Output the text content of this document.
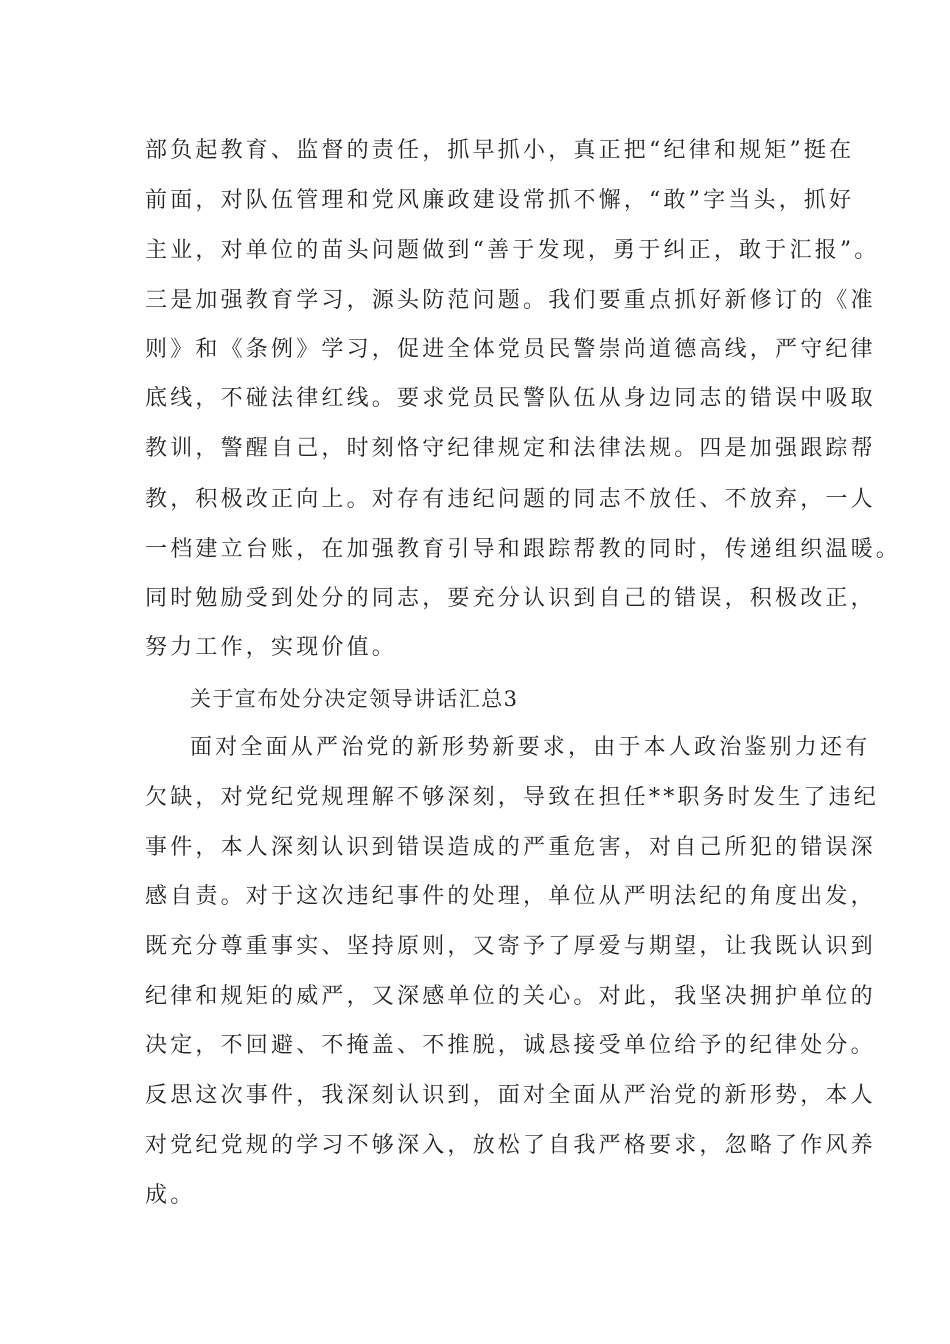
部负起教育、监督的责任，抓早抓小，真正把“纪律和规矩”挺在
前面，对队伍管理和党风廉政建设常抓不懈，“敢”字当头，抓好
主业，对单位的苗头问题做到“善于发现，勇于纠正，敢于汇报”。
三是加强教育学习，源头防范问题。我们要重点抓好新修订的《准
则》和《条例》学习，促进全体党员民警崇尚道德高线，严守纪律
底线，不碰法律红线。要求党员民警队伍从身边同志的错误中吸取
教训，警醒自己，时刻恪守纪律规定和法律法规。四是加强跟踪帮
教，积极改正向上。对存有违纪问题的同志不放任、不放弃，一人
一档建立台账，在加强教育引导和跟踪帮教的同时，传递组织温暖。
同时勉励受到处分的同志，要充分认识到自己的错误，积极改正，
努力工作，实现价值。
关于宣布处分决定领导讲话汇总3
面对全面从严治党的新形势新要求，由于本人政治鉴别力还有
欠缺，对党纪党规理解不够深刻，导致在担任**职务时发生了违纪
事件，本人深刻认识到错误造成的严重危害，对自己所犯的错误深
感自责。对于这次违纪事件的处理，单位从严明法纪的角度出发，
既充分尊重事实、坚持原则，又寄予了厚爱与期望，让我既认识到
纪律和规矩的威严，又深感单位的关心。对此，我坚决拥护单位的
决定，不回避、不掩盖、不推脱，诚恳接受单位给予的纪律处分。
反思这次事件，我深刻认识到，面对全面从严治党的新形势，本人
对党纪党规的学习不够深入，放松了自我严格要求，忽略了作风养
成。
